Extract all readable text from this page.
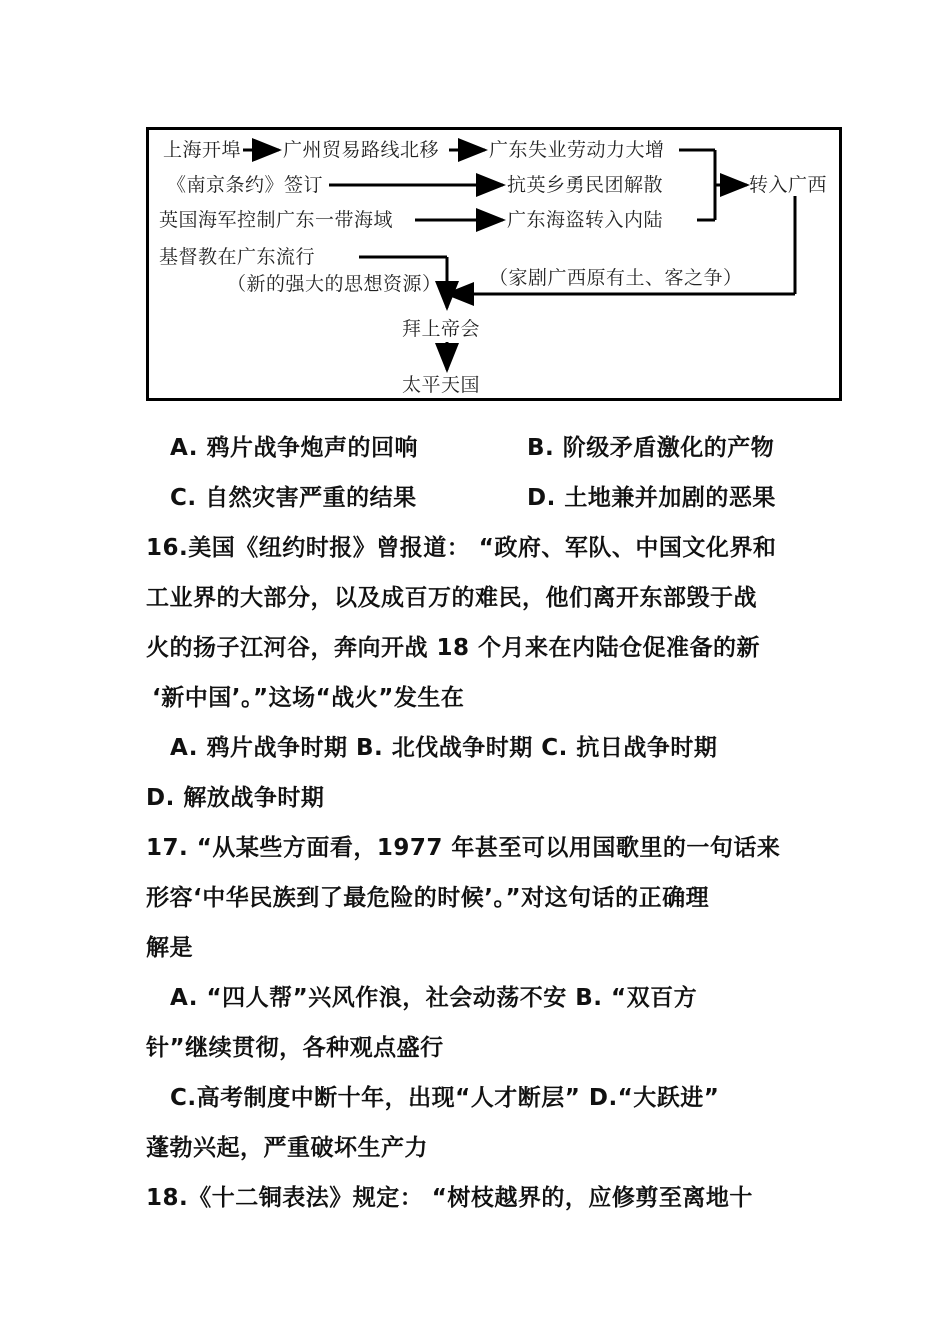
上海开埠 广州贸易路线北移	广东失业劳动力大增
《南京条约》签订	抗英乡勇民团解散	转入广西
英国海军控制广东一带海域	广东海盗转入内陆
基督教在广东流行
（新的强大的思想资源） （家剧广西原有土、客之争）
拜上帝会
太平天国
A. 鸦片战争炮声的回响	B. 阶级矛盾激化的产物
C. 自然灾害严重的结果	D. 土地兼并加剧的恶果
16.美国《纽约时报》曾报道： “政府、军队、中国文化界和
工业界的大部分，以及成百万的难民，他们离开东部毁于战
火的扬子江河谷，奔向开战 18 个月来在内陆仓促准备的新
‘新中国’。”这场“战火”发生在
A. 鸦片战争时期 B. 北伐战争时期 C. 抗日战争时期
D. 解放战争时期
17. “从某些方面看，1977 年甚至可以用国歌里的一句话来
形容‘中华民族到了最危险的时候’。”对这句话的正确理
解是
A. “四人帮”兴风作浪，社会动荡不安 B. “双百方
针”继续贯彻，各种观点盛行
C.高考制度中断十年，出现“人才断层” D.“大跃进”
蓬勃兴起，严重破坏生产力
18.《十二铜表法》规定： “树枝越界的，应修剪至离地十
